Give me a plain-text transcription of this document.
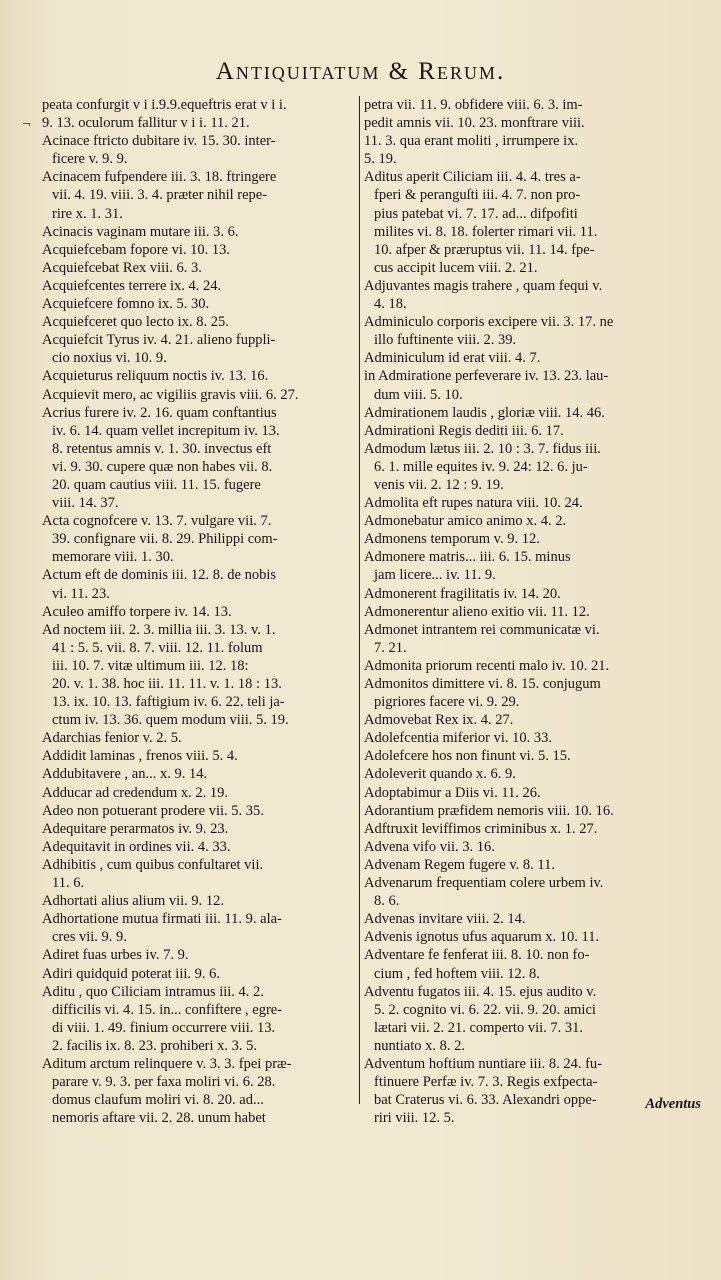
Antiquitatum & Rerum.
¬
peata confurgit v i i.9.9.equeftris erat v i i.
9. 13. oculorum fallitur v i i. 11. 21.
Acinace ftricto dubitare iv. 15. 30. inter-
ficere v. 9. 9.
Acinacem fufpendere iii. 3. 18. ftringere
vii. 4. 19. viii. 3. 4. præter nihil repe-
rire x. 1. 31.
Acinacis vaginam mutare iii. 3. 6.
Acquiefcebam fopore vi. 10. 13.
Acquiefcebat Rex viii. 6. 3.
Acquiefcentes terrere ix. 4. 24.
Acquiefcere fomno ix. 5. 30.
Acquiefceret quo lecto ix. 8. 25.
Acquiefcit Tyrus iv. 4. 21. alieno fuppli-
cio noxius vi. 10. 9.
Acquieturus reliquum noctis iv. 13. 16.
Acquievit mero, ac vigiliis gravis viii. 6. 27.
Acrius furere iv. 2. 16. quam conftantius
iv. 6. 14. quam vellet increpitum iv. 13.
8. retentus amnis v. 1. 30. invectus eft
vi. 9. 30. cupere quæ non habes vii. 8.
20. quam cautius viii. 11. 15. fugere
viii. 14. 37.
Acta cognofcere v. 13. 7. vulgare vii. 7.
39. confignare vii. 8. 29. Philippi com-
memorare viii. 1. 30.
Actum eft de dominis iii. 12. 8. de nobis
vi. 11. 23.
Aculeo amiffo torpere iv. 14. 13.
Ad noctem iii. 2. 3. millia iii. 3. 13. v. 1.
41 : 5. 5. vii. 8. 7. viii. 12. 11. folum
iii. 10. 7. vitæ ultimum iii. 12. 18:
20. v. 1. 38. hoc iii. 11. 11. v. 1. 18 : 13.
13. ix. 10. 13. faftigium iv. 6. 22. teli ja-
ctum iv. 13. 36. quem modum viii. 5. 19.
Adarchias fenior v. 2. 5.
Addidit laminas , frenos viii. 5. 4.
Addubitavere , an... x. 9. 14.
Adducar ad credendum x. 2. 19.
Adeo non potuerant prodere vii. 5. 35.
Adequitare perarmatos iv. 9. 23.
Adequitavit in ordines vii. 4. 33.
Adhibitis , cum quibus confultaret vii.
11. 6.
Adhortati alius alium vii. 9. 12.
Adhortatione mutua firmati iii. 11. 9. ala-
cres vii. 9. 9.
Adiret fuas urbes iv. 7. 9.
Adiri quidquid poterat iii. 9. 6.
Aditu , quo Ciliciam intramus iii. 4. 2.
difficilis vi. 4. 15. in... confiftere , egre-
di viii. 1. 49. finium occurrere viii. 13.
2. facilis ix. 8. 23. prohiberi x. 3. 5.
Aditum arctum relinquere v. 3. 3. fpei præ-
parare v. 9. 3. per faxa moliri vi. 6. 28.
domus claufum moliri vi. 8. 20. ad...
nemoris aftare vii. 2. 28. unum habet
petra vii. 11. 9. obfidere viii. 6. 3. im-
pedit amnis vii. 10. 23. monftrare viii.
11. 3. qua erant moliti , irrumpere ix.
5. 19.
Aditus aperit Ciliciam iii. 4. 4. tres a-
fperi & peranguſti iii. 4. 7. non pro-
pius patebat vi. 7. 17. ad... difpofiti
milites vi. 8. 18. folerter rimari vii. 11.
10. afper & præruptus vii. 11. 14. fpe-
cus accipit lucem viii. 2. 21.
Adjuvantes magis trahere , quam fequi v.
4. 18.
Adminiculo corporis excipere vii. 3. 17. ne
illo fuftinente viii. 2. 39.
Adminiculum id erat viii. 4. 7.
in Admiratione perfeverare iv. 13. 23. lau-
dum viii. 5. 10.
Admirationem laudis , gloriæ viii. 14. 46.
Admirationi Regis dediti iii. 6. 17.
Admodum lætus iii. 2. 10 : 3. 7. fidus iii.
6. 1. mille equites iv. 9. 24: 12. 6. ju-
venis vii. 2. 12 : 9. 19.
Admolita eft rupes natura viii. 10. 24.
Admonebatur amico animo x. 4. 2.
Admonens temporum v. 9. 12.
Admonere matris... iii. 6. 15. minus
jam licere... iv. 11. 9.
Admonerent fragilitatis iv. 14. 20.
Admonerentur alieno exitio vii. 11. 12.
Admonet intrantem rei communicatæ vi.
7. 21.
Admonita priorum recenti malo iv. 10. 21.
Admonitos dimittere vi. 8. 15. conjugum
pigriores facere vi. 9. 29.
Admovebat Rex ix. 4. 27.
Adolefcentia miferior vi. 10. 33.
Adolefcere hos non finunt vi. 5. 15.
Adoleverit quando x. 6. 9.
Adoptabimur a Diis vi. 11. 26.
Adorantium præfidem nemoris viii. 10. 16.
Adftruxit leviffimos criminibus x. 1. 27.
Advena vifo vii. 3. 16.
Advenam Regem fugere v. 8. 11.
Advenarum frequentiam colere urbem iv.
8. 6.
Advenas invitare viii. 2. 14.
Advenis ignotus ufus aquarum x. 10. 11.
Adventare fe fenferat iii. 8. 10. non fo-
cium , fed hoftem viii. 12. 8.
Adventu fugatos iii. 4. 15. ejus audito v.
5. 2. cognito vi. 6. 22. vii. 9. 20. amici
lætari vii. 2. 21. comperto vii. 7. 31.
nuntiato x. 8. 2.
Adventum hoftium nuntiare iii. 8. 24. fu-
ftinuere Perfæ iv. 7. 3. Regis exfpecta-
bat Craterus vi. 6. 33. Alexandri oppe-
riri viii. 12. 5.
Adventus
